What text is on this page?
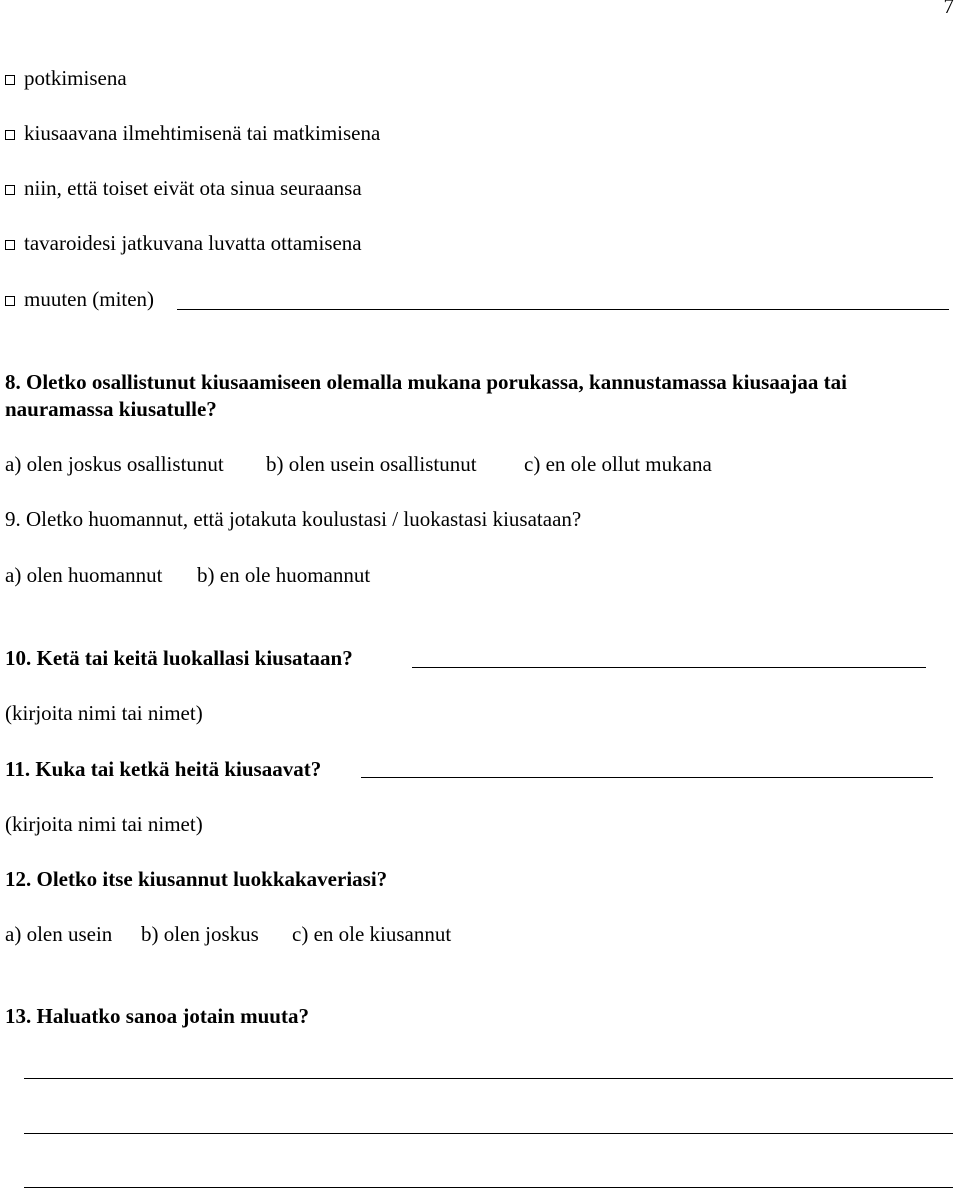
7
potkimisena
kiusaavana ilmehtimisenä tai matkimisena
niin, että toiset eivät ota sinua seuraansa
tavaroidesi jatkuvana luvatta ottamisena
muuten (miten)
8. Oletko osallistunut kiusaamiseen olemalla mukana porukassa, kannustamassa kiusaajaa tai
nauramassa kiusatulle?
a) olen joskus osallistunut b) olen usein osallistunut c) en ole ollut mukana
9. Oletko huomannut, että jotakuta koulustasi / luokastasi kiusataan?
a) olen huomannut b) en ole huomannut
10. Ketä tai keitä luokallasi kiusataan?
(kirjoita nimi tai nimet)
11. Kuka tai ketkä heitä kiusaavat?
(kirjoita nimi tai nimet)
12. Oletko itse kiusannut luokkakaveriasi?
a) olen usein b) olen joskus c) en ole kiusannut
13. Haluatko sanoa jotain muuta?
